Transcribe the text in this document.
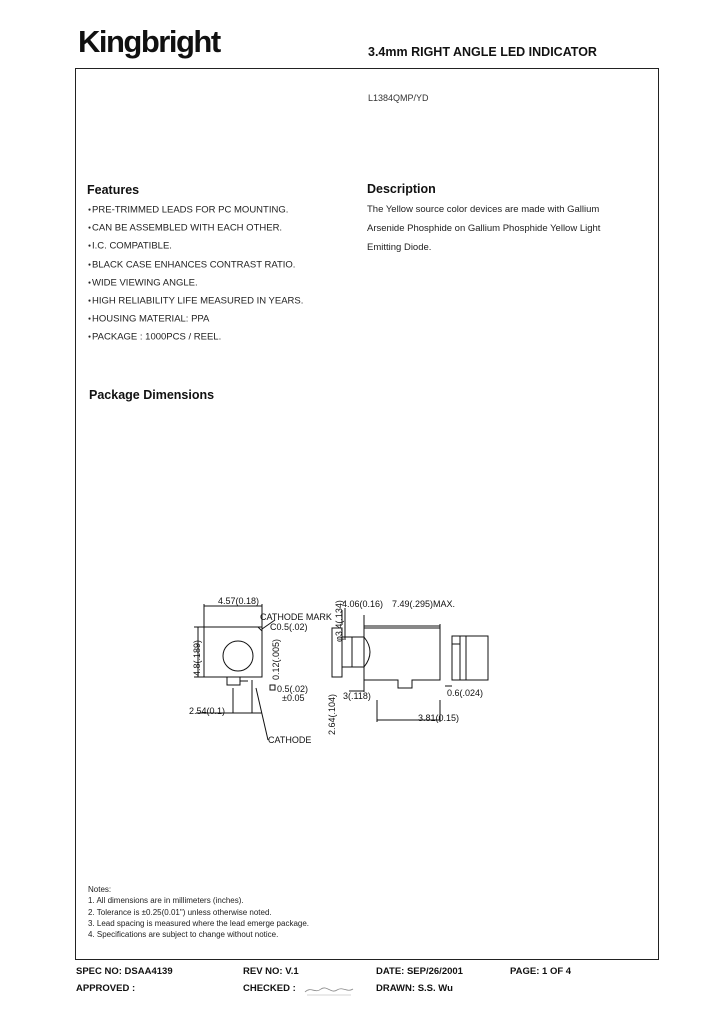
Kingbright	3.4mm RIGHT ANGLE LED INDICATOR
L1384QMP/YD
Features
● PRE-TRIMMED LEADS FOR PC MOUNTING.
● CAN BE ASSEMBLED WITH EACH OTHER.
● I.C. COMPATIBLE.
● BLACK CASE ENHANCES CONTRAST RATIO.
● WIDE VIEWING ANGLE.
● HIGH RELIABILITY LIFE MEASURED IN YEARS.
● HOUSING MATERIAL: PPA
● PACKAGE : 1000PCS / REEL.
Description
The Yellow source color devices are made with Gallium
Arsenide Phosphide on Gallium Phosphide Yellow Light
Emitting Diode.
Package Dimensions
4.57(0.18)
CATHODE MARK
C0.5(.02)
4.8(.189)	0.12(.005)
0.5(.02)
±0.05
2.54(0.1)
CATHODE
4.06(0.16) 7.49(.295)MAX.
φ3.4(.134)
3(.118)	0.6(.024)
2.64(.104)	3.81(0.15)
Notes:
1. All dimensions are in millimeters (inches).
2. Tolerance is ±0.25(0.01") unless otherwise noted.
3. Lead spacing is measured where the lead emerge package.
4. Specifications are subject to change without notice.
SPEC NO: DSAA4139	REV NO: V.1	DATE: SEP/26/2001	PAGE: 1 OF 4
APPROVED :	CHECKED :	DRAWN: S.S. Wu
